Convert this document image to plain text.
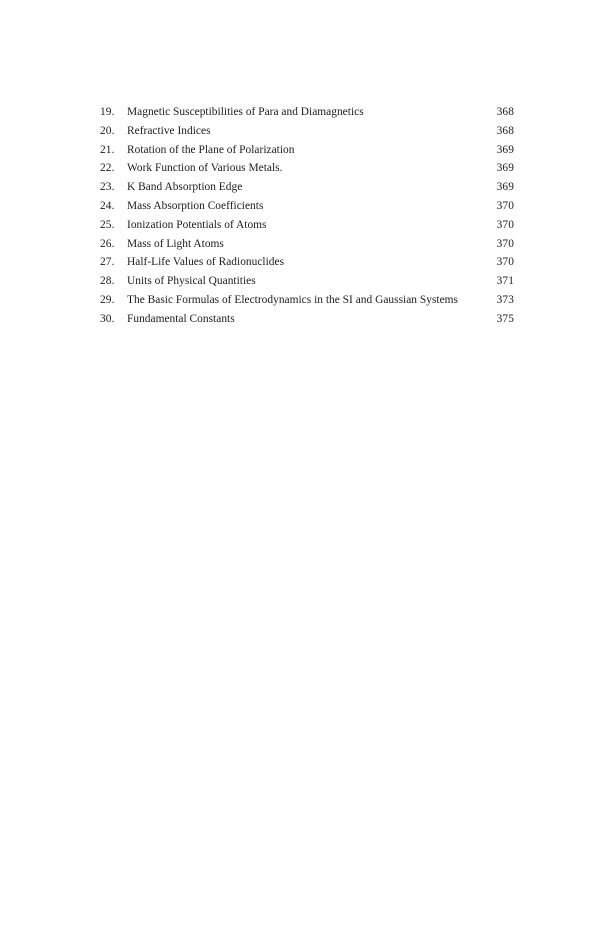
19.	Magnetic Susceptibilities of Para and Diamagnetics	368
20.	Refractive Indices	368
21.	Rotation of the Plane of Polarization	369
22.	Work Function of Various Metals.	369
23.	K Band Absorption Edge	369
24.	Mass Absorption Coefficients	370
25.	Ionization Potentials of Atoms	370
26.	Mass of Light Atoms	370
27.	Half-Life Values of Radionuclides	370
28.	Units of Physical Quantities	371
29.	The Basic Formulas of Electrodynamics in the SI and Gaussian Systems	373
30.	Fundamental Constants	375
